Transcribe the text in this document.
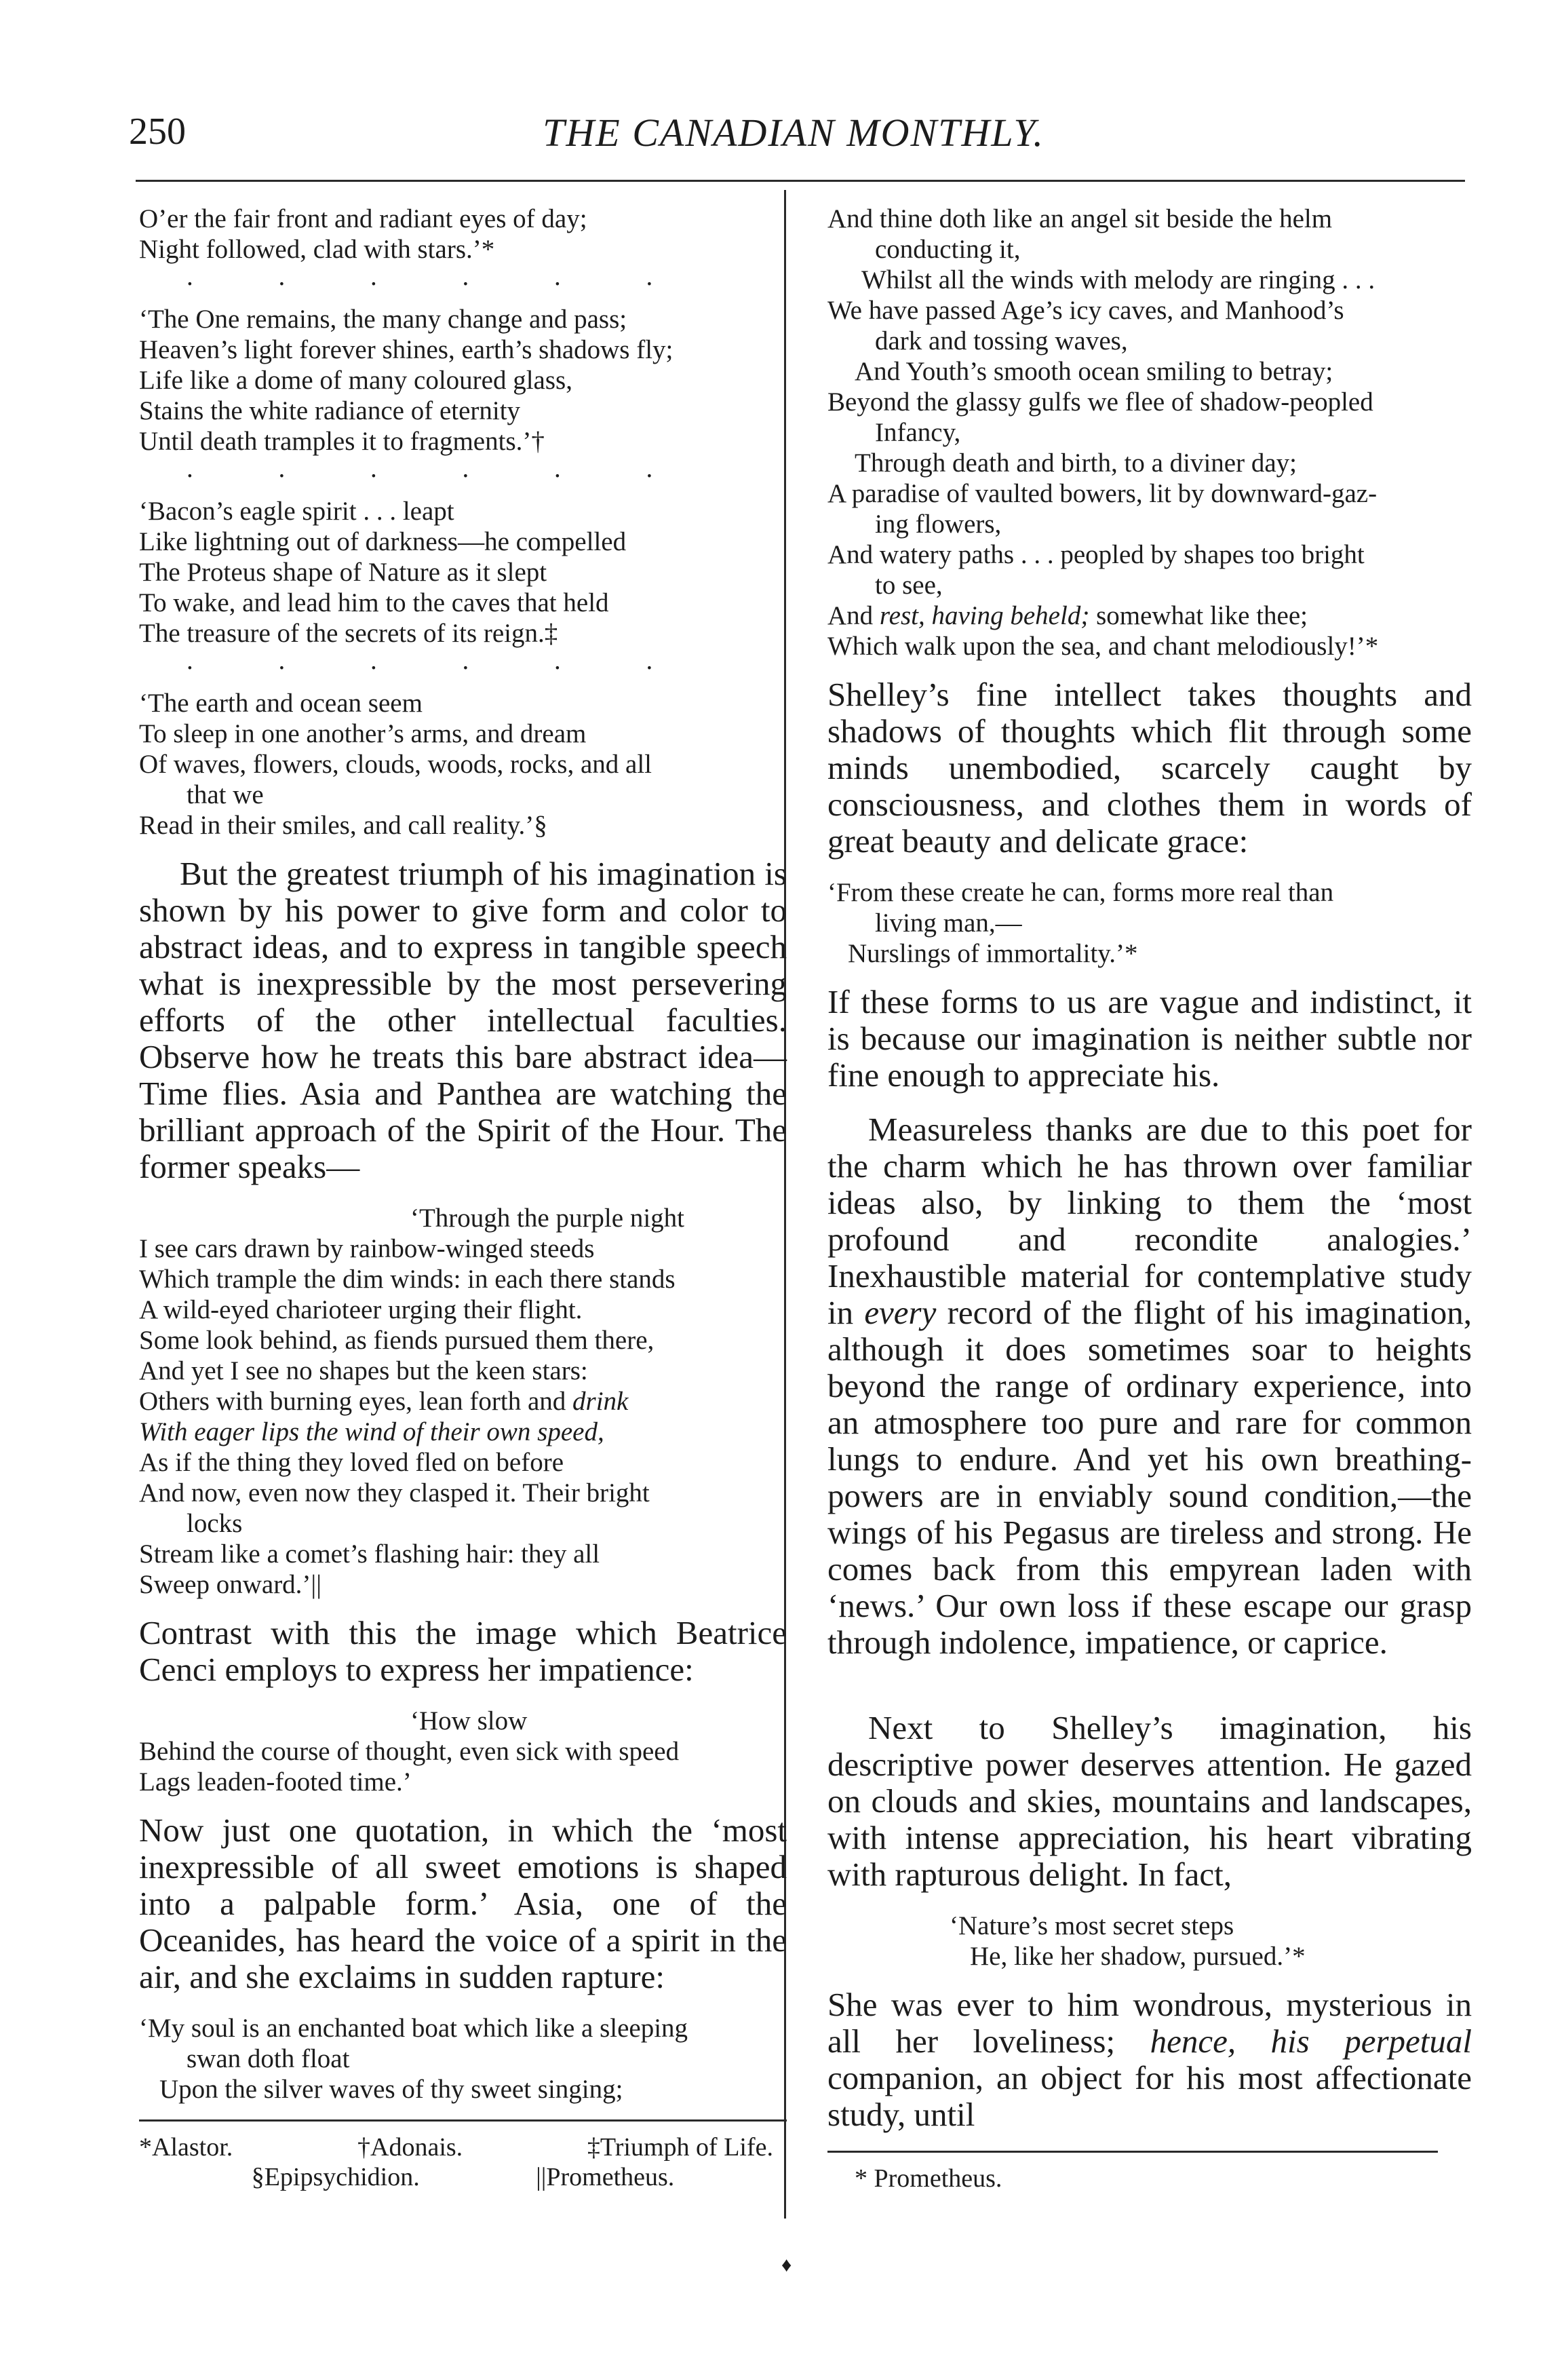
250	THE CANADIAN MONTHLY.
O’er the fair front and radiant eyes of day;
Night followed, clad with stars.’*
. . . . . .
‘The One remains, the many change and pass;
Heaven’s light forever shines, earth’s shadows fly;
Life like a dome of many coloured glass,
Stains the white radiance of eternity
Until death tramples it to fragments.’†
. . . . . .
‘Bacon’s eagle spirit . . . leapt
Like lightning out of darkness—he compelled
The Proteus shape of Nature as it slept
To wake, and lead him to the caves that held
The treasure of the secrets of its reign.‡
. . . . . .
‘The earth and ocean seem
To sleep in one another’s arms, and dream
Of waves, flowers, clouds, woods, rocks, and all
that we
Read in their smiles, and call reality.’§

But the greatest triumph of his imagination is shown by his power to give form and color to abstract ideas, and to express in tangible speech what is inexpressible by the most persevering efforts of the other intellectual faculties. Observe how he treats this bare abstract idea—Time flies. Asia and Panthea are watching the brilliant approach of the Spirit of the Hour. The former speaks—

‘Through the purple night
I see cars drawn by rainbow-winged steeds
Which trample the dim winds: in each there stands
A wild-eyed charioteer urging their flight.
Some look behind, as fiends pursued them there,
And yet I see no shapes but the keen stars:
Others with burning eyes, lean forth and drink
With eager lips the wind of their own speed,
As if the thing they loved fled on before
And now, even now they clasped it. Their bright
locks
Stream like a comet’s flashing hair: they all
Sweep onward.’||

Contrast with this the image which Beatrice Cenci employs to express her impatience:

‘How slow
Behind the course of thought, even sick with speed
Lags leaden-footed time.’

Now just one quotation, in which the ‘most inexpressible of all sweet emotions is shaped into a palpable form.’ Asia, one of the Oceanides, has heard the voice of a spirit in the air, and she exclaims in sudden rapture:

‘My soul is an enchanted boat which like a sleeping
swan doth float
Upon the silver waves of thy sweet singing;
*Alastor.	†Adonais.	‡Triumph of Life.
§Epipsychidion.	||Prometheus.
And thine doth like an angel sit beside the helm
conducting it,
Whilst all the winds with melody are ringing . . .
We have passed Age’s icy caves, and Manhood’s
dark and tossing waves,
And Youth’s smooth ocean smiling to betray;
Beyond the glassy gulfs we flee of shadow-peopled
Infancy,
Through death and birth, to a diviner day;
A paradise of vaulted bowers, lit by downward-gaz-
ing flowers,
And watery paths . . . peopled by shapes too bright
to see,
And rest, having beheld; somewhat like thee;
Which walk upon the sea, and chant melodiously!’*

Shelley’s fine intellect takes thoughts and shadows of thoughts which flit through some minds unembodied, scarcely caught by consciousness, and clothes them in words of great beauty and delicate grace:

‘From these create he can, forms more real than
living man,—
Nurslings of immortality.’*

If these forms to us are vague and indistinct, it is because our imagination is neither subtle nor fine enough to appreciate his.

Measureless thanks are due to this poet for the charm which he has thrown over familiar ideas also, by linking to them the ‘most profound and recondite analogies.’ Inexhaustible material for contemplative study in every record of the flight of his imagination, although it does sometimes soar to heights beyond the range of ordinary experience, into an atmosphere too pure and rare for common lungs to endure. And yet his own breathing-powers are in enviably sound condition,—the wings of his Pegasus are tireless and strong. He comes back from this empyrean laden with ‘news.’ Our own loss if these escape our grasp through indolence, impatience, or caprice.

Next to Shelley’s imagination, his descriptive power deserves attention. He gazed on clouds and skies, mountains and landscapes, with intense appreciation, his heart vibrating with rapturous delight. In fact,

‘Nature’s most secret steps
He, like her shadow, pursued.’*

She was ever to him wondrous, mysterious in all her loveliness; hence, his perpetual companion, an object for his most affectionate study, until

* Prometheus.
♦
